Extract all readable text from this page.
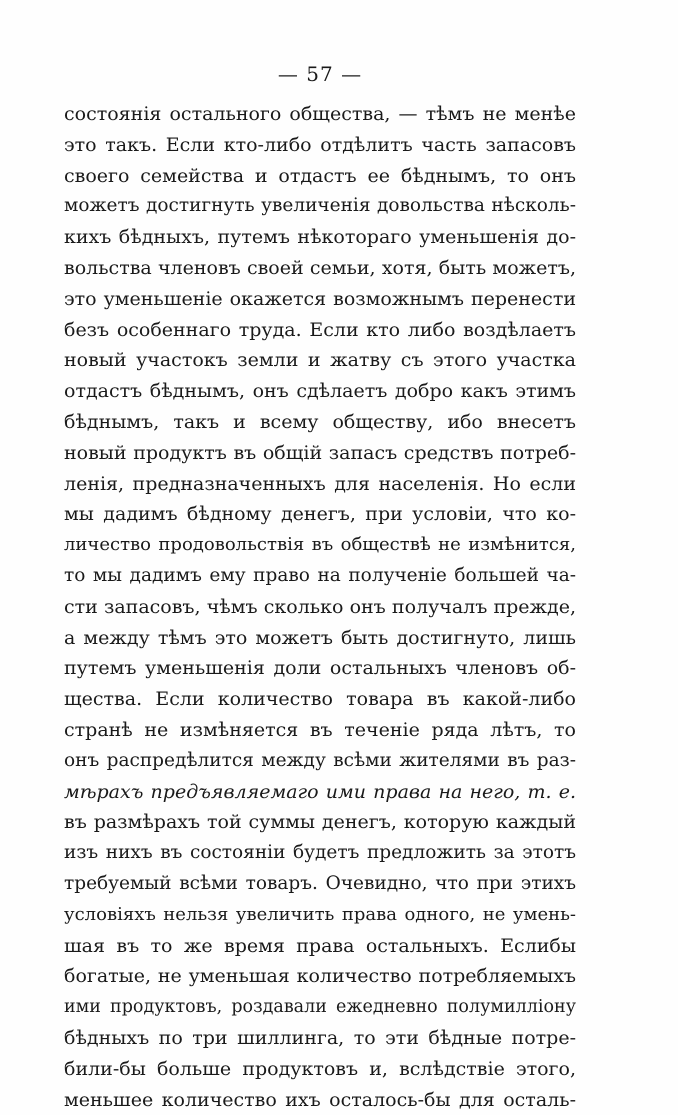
— 57 —
состоянія остального общества, — тѣмъ не менѣе
это такъ. Если кто-либо отдѣлитъ часть запасовъ
своего семейства и отдастъ ее бѣднымъ, то онъ
можетъ достигнуть увеличенія довольства нѣсколь-
кихъ бѣдныхъ, путемъ нѣкотораго уменьшенія до-
вольства членовъ своей семьи, хотя, быть можетъ,
это уменьшеніе окажется возможнымъ перенести
безъ особеннаго труда. Если кто либо воздѣлаетъ
новый участокъ земли и жатву съ этого участка
отдастъ бѣднымъ, онъ сдѣлаетъ добро какъ этимъ
бѣднымъ, такъ и всему обществу, ибо внесетъ
новый продуктъ въ общій запасъ средствъ потреб-
ленія, предназначенныхъ для населенія. Но если
мы дадимъ бѣдному денегъ, при условіи, что ко-
личество продовольствія въ обществѣ не измѣнится,
то мы дадимъ ему право на полученіе большей ча-
сти запасовъ, чѣмъ сколько онъ получалъ прежде,
а между тѣмъ это можетъ быть достигнуто, лишь
путемъ уменьшенія доли остальныхъ членовъ об-
щества. Если количество товара въ какой-либо
странѣ не измѣняется въ теченіе ряда лѣтъ, то
онъ распредѣлится между всѣми жителями въ раз-
мѣрахъ предъявляемаго ими права на него, т. е.
въ размѣрахъ той суммы денегъ, которую каждый
изъ нихъ въ состояніи будетъ предложить за этотъ
требуемый всѣми товаръ. Очевидно, что при этихъ
условіяхъ нельзя увеличить права одного, не умень-
шая въ то же время права остальныхъ. Еслибы
богатые, не уменьшая количество потребляемыхъ
ими продуктовъ, роздавали ежедневно полумилліону
бѣдныхъ по три шиллинга, то эти бѣдные потре-
били-бы больше продуктовъ и, вслѣдствіе этого,
меньшее количество ихъ осталось-бы для осталь-
